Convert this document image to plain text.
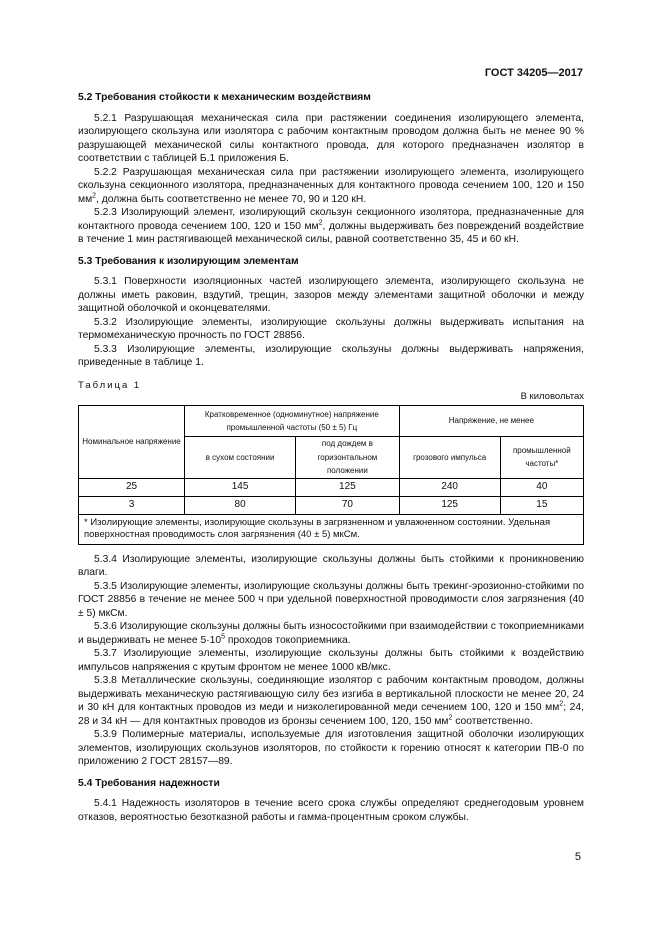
ГОСТ 34205—2017
5.2 Требования стойкости к механическим воздействиям

5.2.1 Разрушающая механическая сила при растяжении соединения изолирующего элемента, изолирующего скользуна или изолятора с рабочим контактным проводом должна быть не менее 90 % разрушающей механической силы контактного провода, для которого предназначен изолятор в соответствии с таблицей Б.1 приложения Б.

5.2.2 Разрушающая механическая сила при растяжении изолирующего элемента, изолирующего скользуна секционного изолятора, предназначенных для контактного провода сечением 100, 120 и 150 $мм^2$, должна быть соответственно не менее 70, 90 и 120 кН.

5.2.3 Изолирующий элемент, изолирующий скользун секционного изолятора, предназначенные для контактного провода сечением 100, 120 и 150 $мм^2$, должны выдерживать без повреждений воздействие в течение 1 мин растягивающей механической силы, равной соответственно 35, 45 и 60 кН.

5.3 Требования к изолирующим элементам

5.3.1 Поверхности изоляционных частей изолирующего элемента, изолирующего скользуна не должны иметь раковин, вздутий, трещин, зазоров между элементами защитной оболочки и между защитной оболочкой и оконцевателями.

5.3.2 Изолирующие элементы, изолирующие скользуны должны выдерживать испытания на термомеханическую прочность по ГОСТ 28856.

5.3.3 Изолирующие элементы, изолирующие скользуны должны выдерживать напряжения, приведенные в таблице 1.

Таблица 1
В киловольтах
Номинальное напряжение	Кратковременное (одноминутное) напряжение промышленной частоты (50 ± 5) Гц		Напряжение, не менее	
	в сухом состоянии	под дождем в горизонтальном положении	грозового импульса	промышленной частоты*
25	145	125	240	40
3	80	70	125	15
* Изолирующие элементы, изолирующие скользуны в загрязненном и увлажненном состоянии. Удельная поверхностная проводимость слоя загрязнения (40 ± 5) мкСм.				

5.3.4 Изолирующие элементы, изолирующие скользуны должны быть стойкими к проникновению влаги.

5.3.5 Изолирующие элементы, изолирующие скользуны должны быть трекинг-эрозионно-стойкими по ГОСТ 28856 в течение не менее 500 ч при удельной поверхностной проводимости слоя загрязнения (40 ± 5) мкСм.

5.3.6 Изолирующие скользуны должны быть износостойкими при взаимодействии с токоприемниками и выдерживать не менее $5\cdot 10^5$ проходов токоприемника.

5.3.7 Изолирующие элементы, изолирующие скользуны должны быть стойкими к воздействию импульсов напряжения с крутым фронтом не менее 1000 кВ/мкс.

5.3.8 Металлические скользуны, соединяющие изолятор с рабочим контактным проводом, должны выдерживать механическую растягивающую силу без изгиба в вертикальной плоскости не менее 20, 24 и 30 кН для контактных проводов из меди и низколегированной меди сечением 100, 120 и 150 $мм^2$; 24, 28 и 34 кН — для контактных проводов из бронзы сечением 100, 120, 150 $мм^2$ соответственно.

5.3.9 Полимерные материалы, используемые для изготовления защитной оболочки изолирующих элементов, изолирующих скользунов изоляторов, по стойкости к горению относят к категории ПВ-0 по приложению 2 ГОСТ 28157—89.

5.4 Требования надежности

5.4.1 Надежность изоляторов в течение всего срока службы определяют среднегодовым уровнем отказов, вероятностью безотказной работы и гамма-процентным сроком службы.

5
